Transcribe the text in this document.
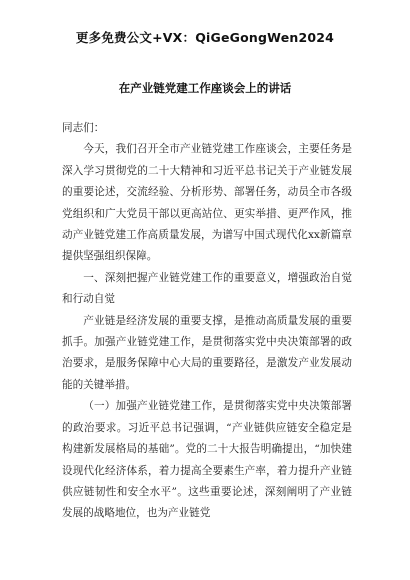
更多免费公文+VX：QiGeGongWen2024
在产业链党建工作座谈会上的讲话

同志们：

今天，我们召开全市产业链党建工作座谈会，主要任务是深入学习贯彻党的二十大精神和习近平总书记关于产业链发展的重要论述，交流经验、分析形势、部署任务，动员全市各级党组织和广大党员干部以更高站位、更实举措、更严作风，推动产业链党建工作高质量发展，为谱写中国式现代化xx新篇章提供坚强组织保障。

一、深刻把握产业链党建工作的重要意义，增强政治自觉和行动自觉

产业链是经济发展的重要支撑，是推动高质量发展的重要抓手。加强产业链党建工作，是贯彻落实党中央决策部署的政治要求，是服务保障中心大局的重要路径，是激发产业发展动能的关键举措。

（一）加强产业链党建工作，是贯彻落实党中央决策部署的政治要求。习近平总书记强调，“产业链供应链安全稳定是构建新发展格局的基础”。党的二十大报告明确提出，“加快建设现代化经济体系，着力提高全要素生产率，着力提升产业链供应链韧性和安全水平”。这些重要论述，深刻阐明了产业链发展的战略地位，也为产业链党
